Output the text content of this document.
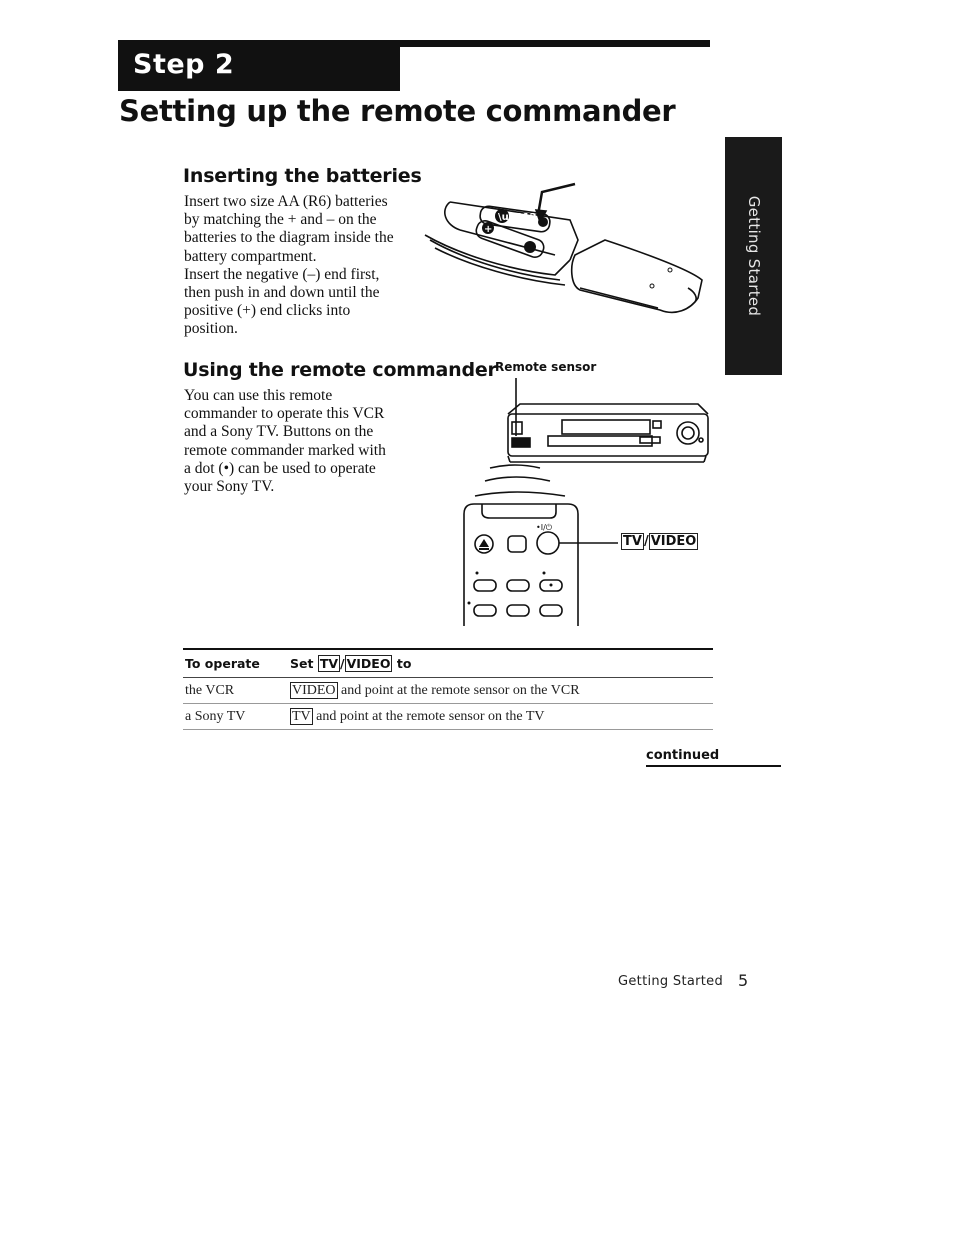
Step 2
Setting up the remote commander
Getting Started
Inserting the batteries

Insert two size AA (R6) batteries

by matching the + and – on the

batteries to the diagram inside the

battery compartment.

Insert the negative (–) end first,

then push in and down until the

positive (+) end clicks into

position.

\u2212
+
Using the remote commander
Remote sensor

You can use this remote

commander to operate this VCR

and a Sony TV. Buttons on the

remote commander marked with

a dot (•) can be used to operate

your Sony TV.

•I/⏻
TV / VIDEO
To operate	Set TV / VIDEO to
the VCR	VIDEO and point at the remote sensor on the VCR
a Sony TV	TV and point at the remote sensor on the TV
continued
Getting Started 5
